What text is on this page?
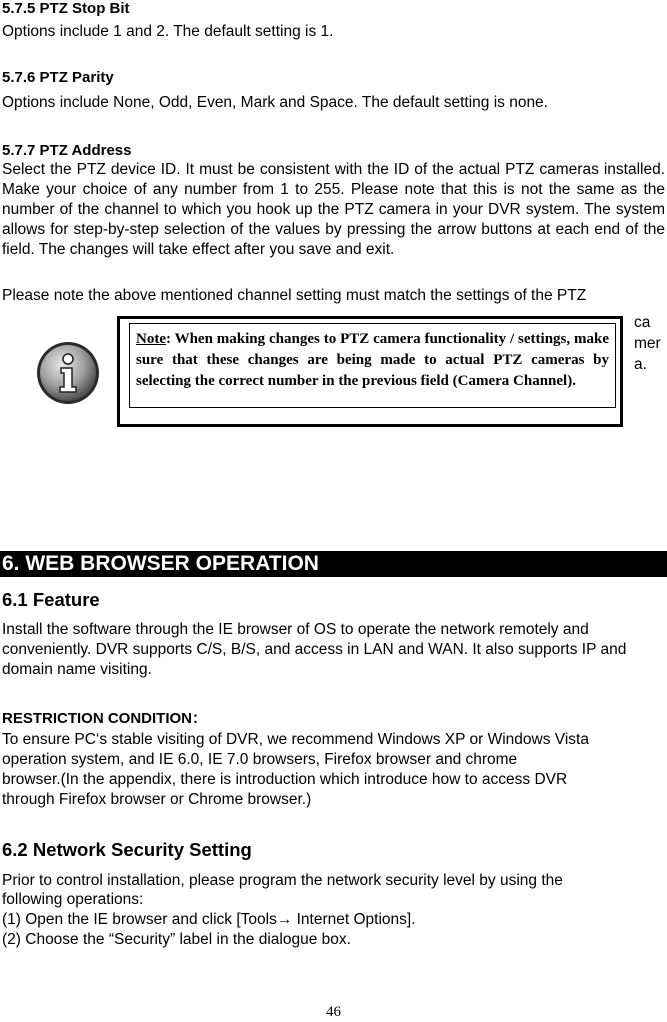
5.7.5 PTZ Stop Bit
Options include 1 and 2. The default setting is 1.
5.7.6 PTZ Parity
Options include None, Odd, Even, Mark and Space. The default setting is none.
5.7.7 PTZ Address
Select the PTZ device ID. It must be consistent with the ID of the actual PTZ cameras installed. Make your choice of any number from 1 to 255. Please note that this is not the same as the number of the channel to which you hook up the PTZ camera in your DVR system. The system allows for step-by-step selection of the values by pressing the arrow buttons at each end of the field. The changes will take effect after you save and exit.
Please note the above mentioned channel setting must match the settings of the PTZ
ca
mer
a.
Note: When making changes to PTZ camera functionality / settings, make sure that these changes are being made to actual PTZ cameras by selecting the correct number in the previous field (Camera Channel).
6. WEB BROWSER OPERATION
6.1 Feature
Install the software through the IE browser of OS to operate the network remotely and conveniently. DVR supports C/S, B/S, and access in LAN and WAN. It also supports IP and domain name visiting.
RESTRICTION CONDITION：
To ensure PC‘s stable visiting of DVR, we recommend Windows XP or Windows Vista
operation system, and IE 6.0, IE 7.0 browsers, Firefox browser and chrome
browser.(In the appendix, there is introduction which introduce how to access DVR
through Firefox browser or Chrome browser.)
6.2 Network Security Setting
Prior to control installation, please program the network security level by using the
following operations:
(1) Open the IE browser and click [Tools→ Internet Options].
(2) Choose the “Security” label in the dialogue box.
46
